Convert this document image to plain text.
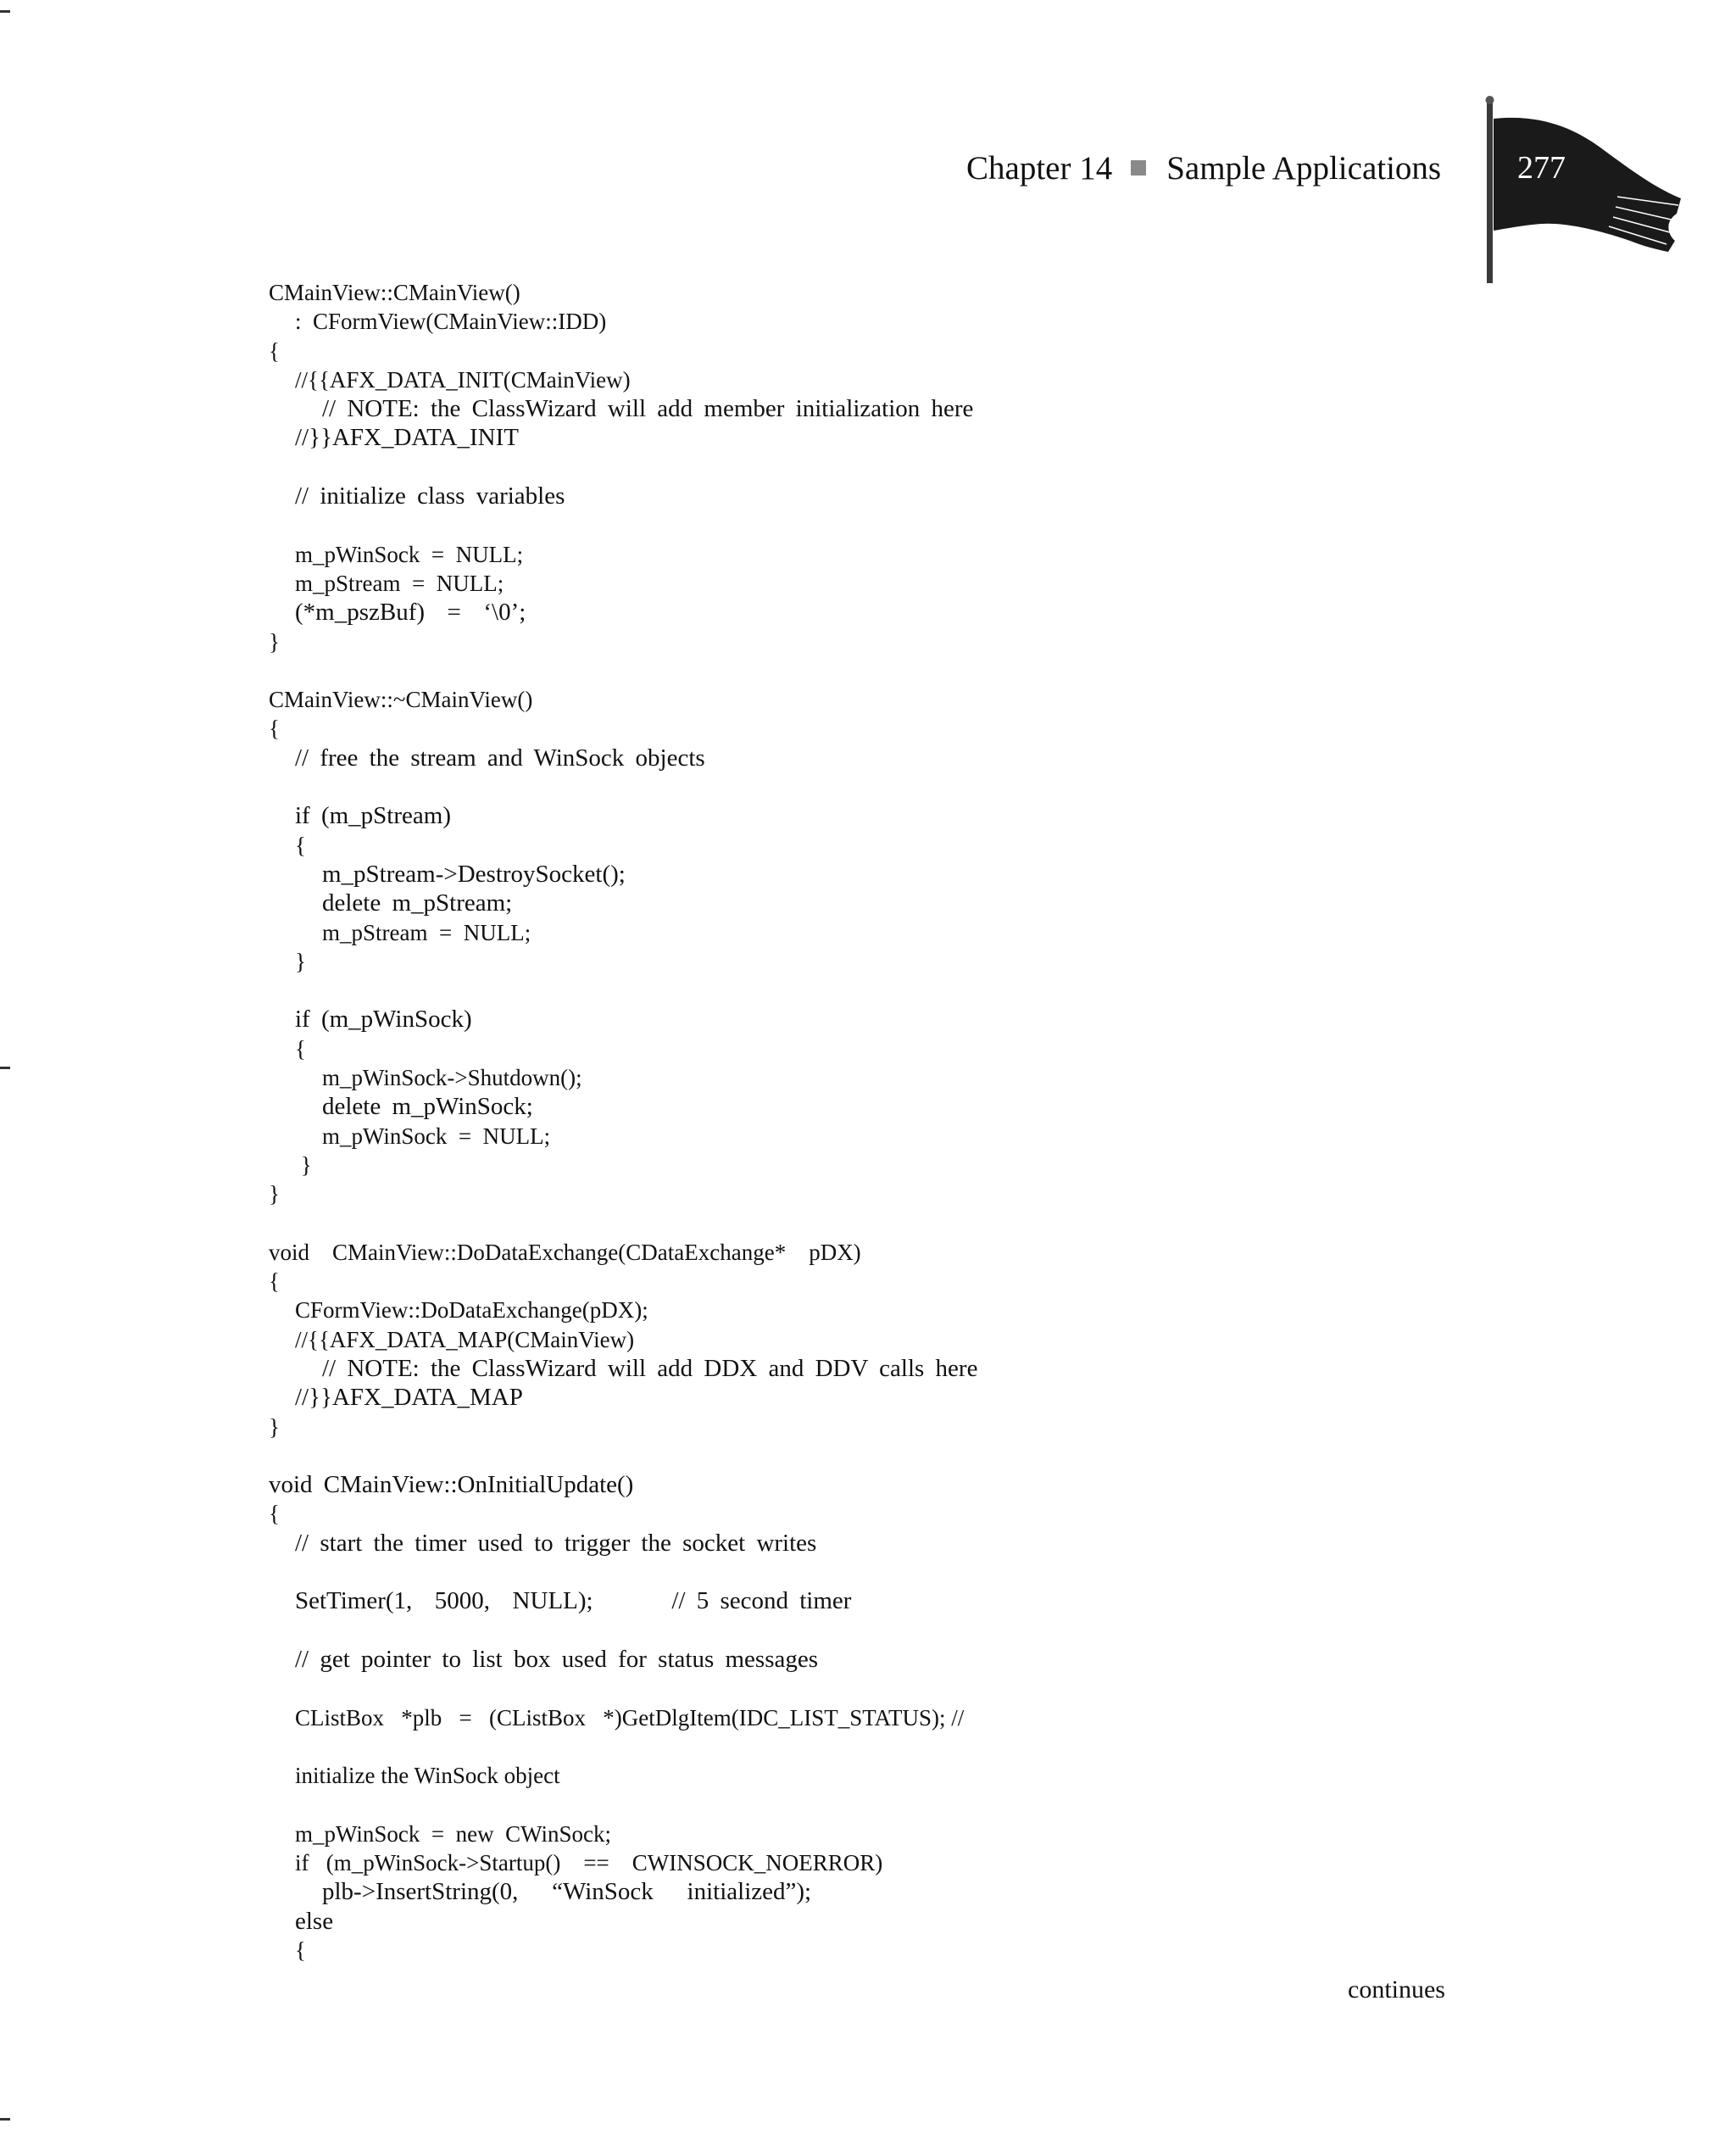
Chapter 14 Sample Applications 277
CMainView::CMainView()
:  CFormView(CMainView::IDD)
{
//{{AFX_DATA_INIT(CMainView)
// NOTE: the ClassWizard will add member initialization here
//}}AFX_DATA_INIT
// initialize class variables
m_pWinSock  =  NULL;
m_pStream  =  NULL;
(*m_pszBuf)  =  ‘\0’;
}
CMainView::~CMainView()
{
// free the stream and WinSock objects
if (m_pStream)
{
m_pStream->DestroySocket();
delete m_pStream;
m_pStream  =  NULL;
}
if (m_pWinSock)
{
m_pWinSock->Shutdown();
delete m_pWinSock;
m_pWinSock  =  NULL;
}
}
void    CMainView::DoDataExchange(CDataExchange*    pDX)
{
CFormView::DoDataExchange(pDX);
//{{AFX_DATA_MAP(CMainView)
// NOTE: the ClassWizard will add DDX and DDV calls here
//}}AFX_DATA_MAP
}
void CMainView::OnInitialUpdate()
{
// start the timer used to trigger the socket writes
SetTimer(1,  5000,  NULL);       // 5 second timer
// get pointer to list box used for status messages
CListBox   *plb   =   (CListBox   *)GetDlgItem(IDC_LIST_STATUS); //
initialize the WinSock object
m_pWinSock  =  new  CWinSock;
if   (m_pWinSock->Startup()    ==    CWINSOCK_NOERROR)
plb->InsertString(0,   “WinSock   initialized”);
else
{
continues
